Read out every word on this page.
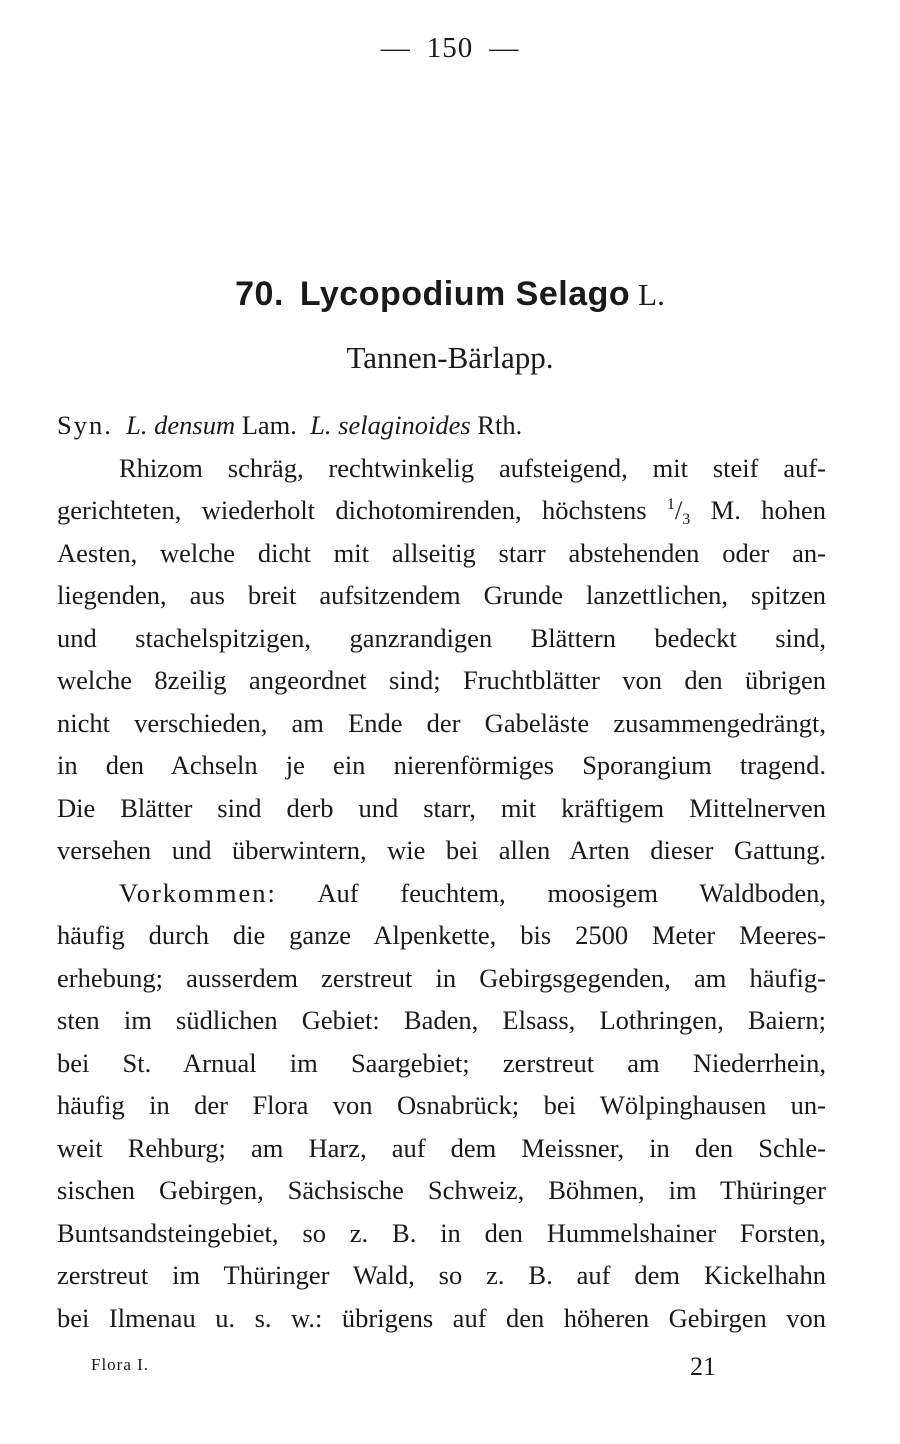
— 150 —
70. Lycopodium Selago L.
Tannen-Bärlapp.
Syn. L. densum Lam. L. selaginoides Rth.
Rhizom schräg, rechtwinkelig aufsteigend, mit steif auf-
gerichteten, wiederholt dichotomirenden, höchstens $^1/_3$ M. hohen
Aesten, welche dicht mit allseitig starr abstehenden oder an-
liegenden, aus breit aufsitzendem Grunde lanzettlichen, spitzen
und stachelspitzigen, ganzrandigen Blättern bedeckt sind,
welche 8zeilig angeordnet sind; Fruchtblätter von den übrigen
nicht verschieden, am Ende der Gabeläste zusammengedrängt,
in den Achseln je ein nierenförmiges Sporangium tragend.
Die Blätter sind derb und starr, mit kräftigem Mittelnerven
versehen und überwintern, wie bei allen Arten dieser Gattung.
Vorkommen: Auf feuchtem, moosigem Waldboden,
häufig durch die ganze Alpenkette, bis 2500 Meter Meeres-
erhebung; ausserdem zerstreut in Gebirgsgegenden, am häufig-
sten im südlichen Gebiet: Baden, Elsass, Lothringen, Baiern;
bei St. Arnual im Saargebiet; zerstreut am Niederrhein,
häufig in der Flora von Osnabrück; bei Wölpinghausen un-
weit Rehburg; am Harz, auf dem Meissner, in den Schle-
sischen Gebirgen, Sächsische Schweiz, Böhmen, im Thüringer
Buntsandsteingebiet, so z. B. in den Hummelshainer Forsten,
zerstreut im Thüringer Wald, so z. B. auf dem Kickelhahn
bei Ilmenau u. s. w.: übrigens auf den höheren Gebirgen von
Flora I.	21
